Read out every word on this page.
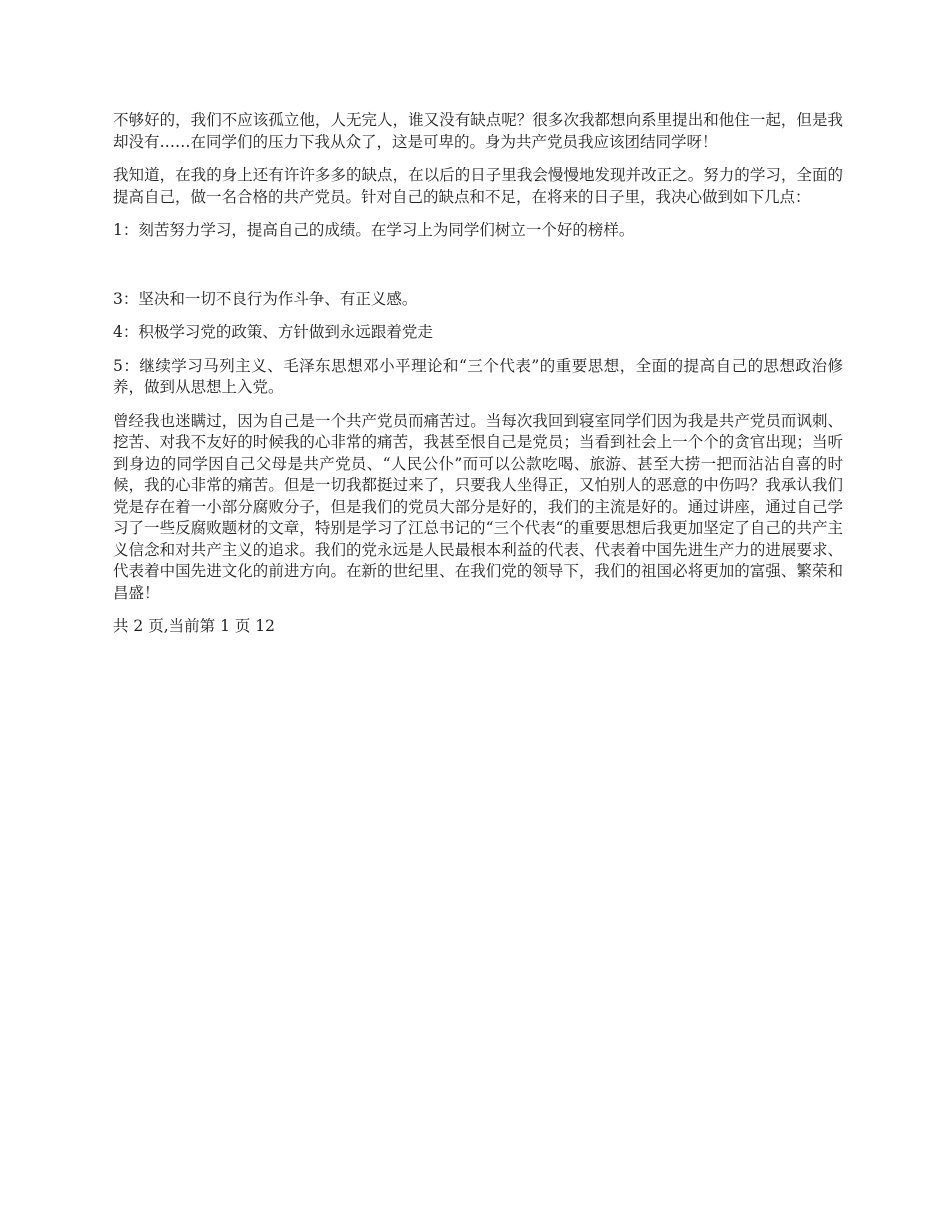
不够好的，我们不应该孤立他，人无完人，谁又没有缺点呢？很多次我都想向系里提出和他住一起，但是我却没有……在同学们的压力下我从众了，这是可卑的。身为共产党员我应该团结同学呀！

我知道，在我的身上还有许许多多的缺点，在以后的日子里我会慢慢地发现并改正之。努力的学习，全面的提高自己，做一名合格的共产党员。针对自己的缺点和不足，在将来的日子里，我决心做到如下几点：

1：刻苦努力学习，提高自己的成绩。在学习上为同学们树立一个好的榜样。

3：坚决和一切不良行为作斗争、有正义感。

4：积极学习党的政策、方针做到永远跟着党走

5：继续学习马列主义、毛泽东思想邓小平理论和“三个代表”的重要思想，全面的提高自己的思想政治修养，做到从思想上入党。

曾经我也迷瞒过，因为自己是一个共产党员而痛苦过。当每次我回到寝室同学们因为我是共产党员而讽刺、挖苦、对我不友好的时候我的心非常的痛苦，我甚至恨自己是党员；当看到社会上一个个的贪官出现；当听到身边的同学因自己父母是共产党员、“人民公仆”而可以公款吃喝、旅游、甚至大捞一把而沾沾自喜的时候，我的心非常的痛苦。但是一切我都挺过来了，只要我人坐得正，又怕别人的恶意的中伤吗？我承认我们党是存在着一小部分腐败分子，但是我们的党员大部分是好的，我们的主流是好的。通过讲座，通过自己学习了一些反腐败题材的文章，特别是学习了江总书记的“三个代表“的重要思想后我更加坚定了自己的共产主义信念和对共产主义的追求。我们的党永远是人民最根本利益的代表、代表着中国先进生产力的进展要求、代表着中国先进文化的前进方向。在新的世纪里、在我们党的领导下，我们的祖国必将更加的富强、繁荣和昌盛！

共 2 页,当前第 1 页 12
